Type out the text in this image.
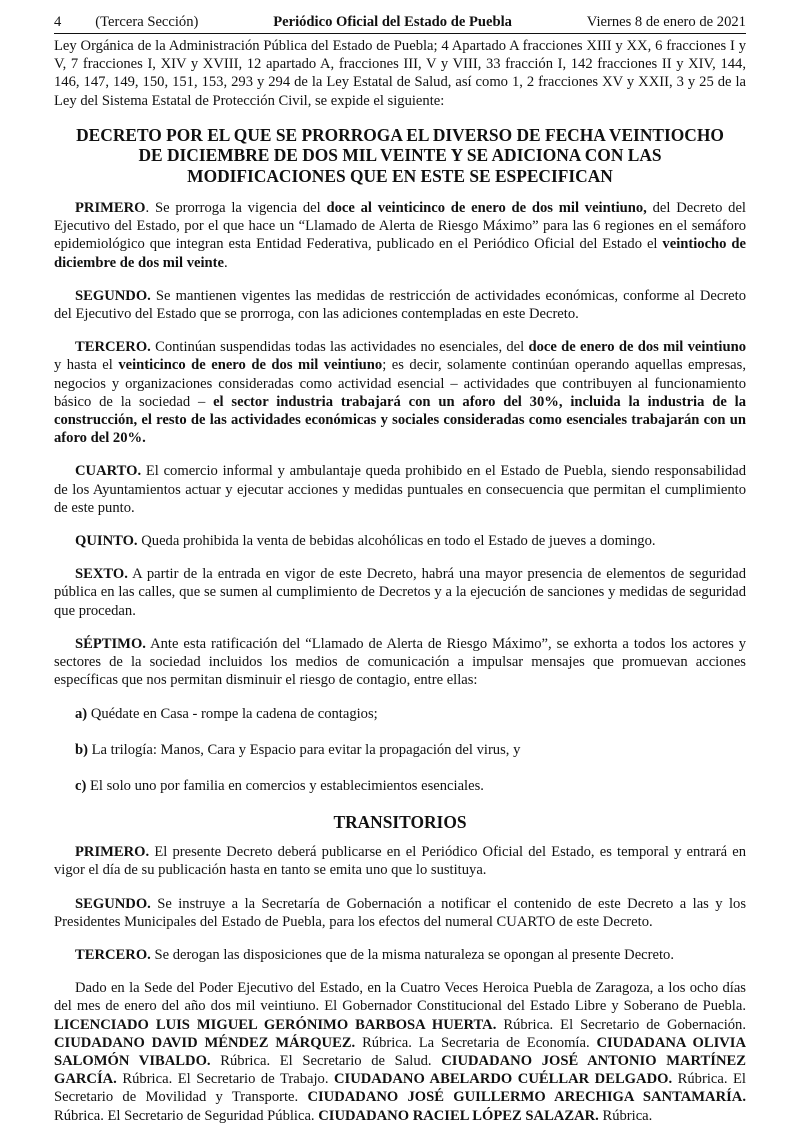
4 (Tercera Sección)	Periódico Oficial del Estado de Puebla	Viernes 8 de enero de 2021

Ley Orgánica de la Administración Pública del Estado de Puebla; 4 Apartado A fracciones XIII y XX, 6 fracciones I y V, 7 fracciones I, XIV y XVIII, 12 apartado A, fracciones III, V y VIII, 33 fracción I, 142 fracciones II y XIV, 144, 146, 147, 149, 150, 151, 153, 293 y 294 de la Ley Estatal de Salud, así como 1, 2 fracciones XV y XXII, 3 y 25 de la Ley del Sistema Estatal de Protección Civil, se expide el siguiente:

DECRETO POR EL QUE SE PRORROGA EL DIVERSO DE FECHA VEINTIOCHO
DE DICIEMBRE DE DOS MIL VEINTE Y SE ADICIONA CON LAS
MODIFICACIONES QUE EN ESTE SE ESPECIFICAN

PRIMERO. Se prorroga la vigencia del doce al veinticinco de enero de dos mil veintiuno, del Decreto del Ejecutivo del Estado, por el que hace un “Llamado de Alerta de Riesgo Máximo” para las 6 regiones en el semáforo epidemiológico que integran esta Entidad Federativa, publicado en el Periódico Oficial del Estado el veintiocho de diciembre de dos mil veinte.

SEGUNDO. Se mantienen vigentes las medidas de restricción de actividades económicas, conforme al Decreto del Ejecutivo del Estado que se prorroga, con las adiciones contempladas en este Decreto.

TERCERO. Continúan suspendidas todas las actividades no esenciales, del doce de enero de dos mil veintiuno y hasta el veinticinco de enero de dos mil veintiuno; es decir, solamente continúan operando aquellas empresas, negocios y organizaciones consideradas como actividad esencial – actividades que contribuyen al funcionamiento básico de la sociedad – el sector industria trabajará con un aforo del 30%, incluida la industria de la construcción, el resto de las actividades económicas y sociales consideradas como esenciales trabajarán con un aforo del 20%.

CUARTO. El comercio informal y ambulantaje queda prohibido en el Estado de Puebla, siendo responsabilidad de los Ayuntamientos actuar y ejecutar acciones y medidas puntuales en consecuencia que permitan el cumplimiento de este punto.

QUINTO. Queda prohibida la venta de bebidas alcohólicas en todo el Estado de jueves a domingo.

SEXTO. A partir de la entrada en vigor de este Decreto, habrá una mayor presencia de elementos de seguridad pública en las calles, que se sumen al cumplimiento de Decretos y a la ejecución de sanciones y medidas de seguridad que procedan.

SÉPTIMO. Ante esta ratificación del “Llamado de Alerta de Riesgo Máximo”, se exhorta a todos los actores y sectores de la sociedad incluidos los medios de comunicación a impulsar mensajes que promuevan acciones específicas que nos permitan disminuir el riesgo de contagio, entre ellas:

a) Quédate en Casa - rompe la cadena de contagios;

b) La trilogía: Manos, Cara y Espacio para evitar la propagación del virus, y

c) El solo uno por familia en comercios y establecimientos esenciales.

TRANSITORIOS

PRIMERO. El presente Decreto deberá publicarse en el Periódico Oficial del Estado, es temporal y entrará en vigor el día de su publicación hasta en tanto se emita uno que lo sustituya.

SEGUNDO. Se instruye a la Secretaría de Gobernación a notificar el contenido de este Decreto a las y los Presidentes Municipales del Estado de Puebla, para los efectos del numeral CUARTO de este Decreto.

TERCERO. Se derogan las disposiciones que de la misma naturaleza se opongan al presente Decreto.

Dado en la Sede del Poder Ejecutivo del Estado, en la Cuatro Veces Heroica Puebla de Zaragoza, a los ocho días del mes de enero del año dos mil veintiuno. El Gobernador Constitucional del Estado Libre y Soberano de Puebla. LICENCIADO LUIS MIGUEL GERÓNIMO BARBOSA HUERTA. Rúbrica. El Secretario de Gobernación. CIUDADANO DAVID MÉNDEZ MÁRQUEZ. Rúbrica. La Secretaria de Economía. CIUDADANA OLIVIA SALOMÓN VIBALDO. Rúbrica. El Secretario de Salud. CIUDADANO JOSÉ ANTONIO MARTÍNEZ GARCÍA. Rúbrica. El Secretario de Trabajo. CIUDADANO ABELARDO CUÉLLAR DELGADO. Rúbrica. El Secretario de Movilidad y Transporte. CIUDADANO JOSÉ GUILLERMO ARECHIGA SANTAMARÍA. Rúbrica. El Secretario de Seguridad Pública. CIUDADANO RACIEL LÓPEZ SALAZAR. Rúbrica.
